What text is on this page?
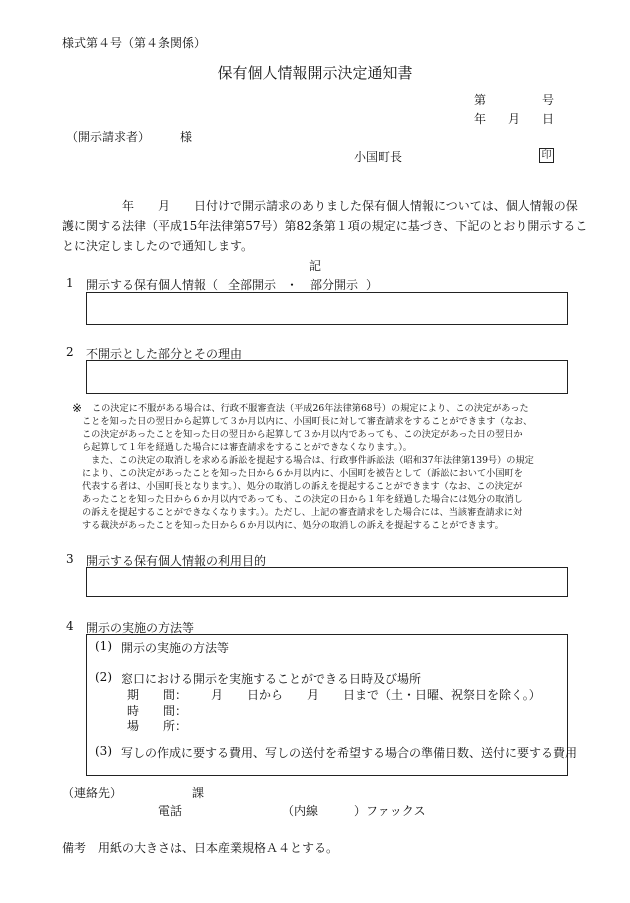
様式第４号（第４条関係）
保有個人情報開示決定通知書
第	号
年 月 日
（開示請求者） 様
小国町長	印
年　　月　　日付けで開示請求のありました保有個人情報については、個人情報の保
護に関する法律（平成15年法律第57号）第82条第１項の規定に基づき、下記のとおり開示するこ
とに決定しましたので通知します。
記
1 開示する保有個人情報（ 全部開示 ・ 部分開示 ）
2 不開示とした部分とその理由
※ この決定に不服がある場合は、行政不服審査法（平成26年法律第68号）の規定により、この決定があった
ことを知った日の翌日から起算して３か月以内に、小国町長に対して審査請求をすることができます（なお、
この決定があったことを知った日の翌日から起算して３か月以内であっても、この決定があった日の翌日か
ら起算して１年を経過した場合には審査請求をすることができなくなります。）。
　また、この決定の取消しを求める訴訟を提起する場合は、行政事件訴訟法（昭和37年法律第139号）の規定
により、この決定があったことを知った日から６か月以内に、小国町を被告として（訴訟において小国町を
代表する者は、小国町長となります。）、処分の取消しの訴えを提起することができます（なお、この決定が
あったことを知った日から６か月以内であっても、この決定の日から１年を経過した場合には処分の取消し
の訴えを提起することができなくなります。）。ただし、上記の審査請求をした場合には、当該審査請求に対
する裁決があったことを知った日から６か月以内に、処分の取消しの訴えを提起することができます。
3 開示する保有個人情報の利用目的
4 開示の実施の方法等
(1) 開示の実施の方法等
(2) 窓口における開示を実施することができる日時及び場所
期　　間： 月　　日から　　月　　日まで（土・日曜、祝祭日を除く。）
時　　間：
場　　所：
(3) 写しの作成に要する費用、写しの送付を希望する場合の準備日数、送付に要する費用
（連絡先）	課
電話	（内線　　　） ファックス
備考　用紙の大きさは、日本産業規格Ａ４とする。
